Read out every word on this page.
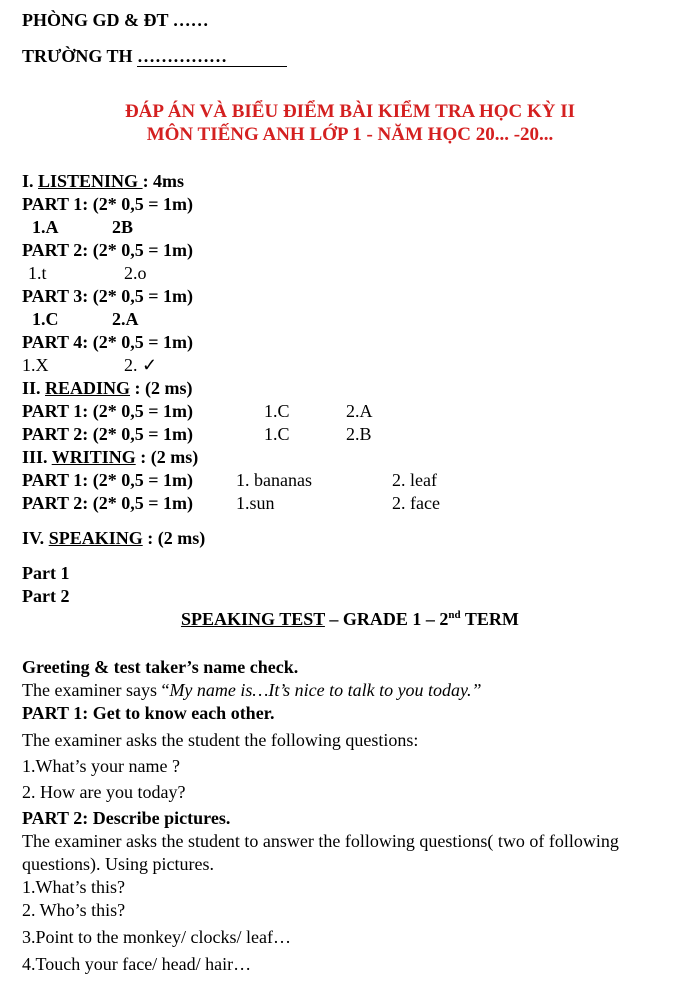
PHÒNG GD & ĐT ……
TRƯỜNG TH ……………
ĐÁP ÁN VÀ BIỂU ĐIỂM BÀI KIỂM TRA HỌC KỲ II
MÔN TIẾNG ANH LỚP 1 - NĂM HỌC 20... -20...
I. LISTENING : 4ms
PART 1: (2* 0,5 = 1m)
1.A	2B
PART 2: (2* 0,5 = 1m)
1.t	2.o
PART 3: (2* 0,5 = 1m)
1.C	2.A
PART 4: (2* 0,5 = 1m)
1.X	2. ✓
II. READING : (2 ms)
PART 1: (2* 0,5 = 1m)	1.C	2.A
PART 2: (2* 0,5 = 1m)	1.C	2.B
III. WRITING : (2 ms)
PART 1: (2* 0,5 = 1m) 1. bananas	2. leaf
PART 2: (2* 0,5 = 1m) 1.sun	2. face
IV. SPEAKING : (2 ms)
Part 1
Part 2
SPEAKING TEST – GRADE 1 – 2nd TERM
Greeting & test taker’s name check.
The examiner says “My name is…It’s nice to talk to you today.”
PART 1: Get to know each other.
The examiner asks the student the following questions:
1.What’s your name ?
2. How are you today?
PART 2: Describe pictures.
The examiner asks the student to answer the following questions( two of following
questions). Using pictures.
1.What’s this?
2. Who’s this?
3.Point to the monkey/ clocks/ leaf…
4.Touch your face/ head/ hair…
